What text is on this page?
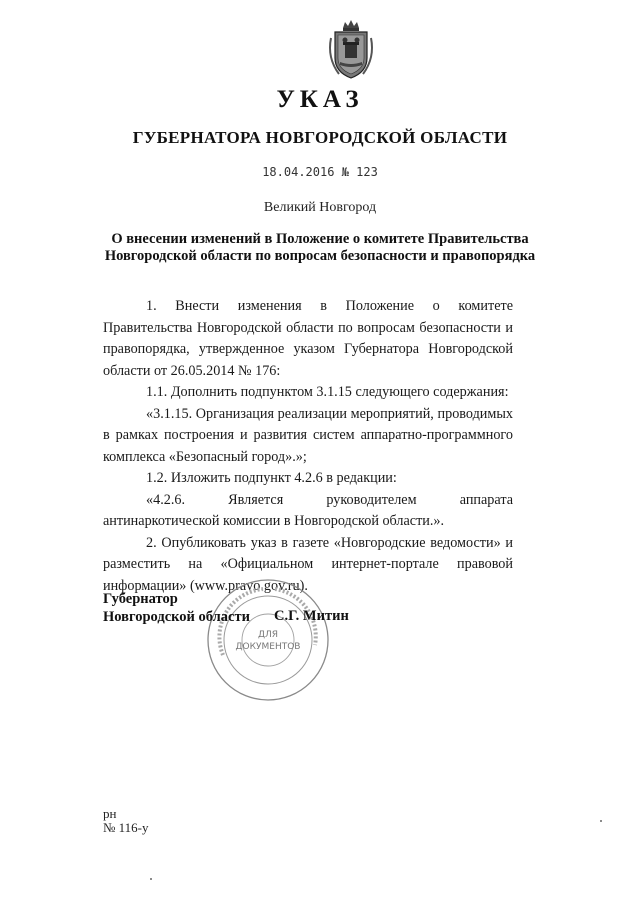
УКАЗ
ГУБЕРНАТОРА НОВГОРОДСКОЙ ОБЛАСТИ
18.04.2016 № 123
Великий Новгород
О внесении изменений в Положение о комитете Правительства
Новгородской области по вопросам безопасности и правопорядка

1. Внести изменения в Положение о комитете Правительства Новгородской области по вопросам безопасности и правопорядка, утвержденное указом Губернатора Новгородской области от 26.05.2014 № 176:

1.1. Дополнить подпунктом 3.1.15 следующего содержания:

«3.1.15. Организация реализации мероприятий, проводимых в рамках построения и развития систем аппаратно-программного комплекса «Безопасный город».»;

1.2. Изложить подпункт 4.2.6 в редакции:

«4.2.6. Является руководителем аппарата антинаркотической комиссии в Новгородской области.».

2. Опубликовать указ в газете «Новгородские ведомости» и разместить на «Официальном интернет-портале правовой информации» (www.pravo.gov.ru).

ДЛЯ
ДОКУМЕНТОВ
Губернатор
Новгородской области С.Г. Митин
рн
№ 116-у
